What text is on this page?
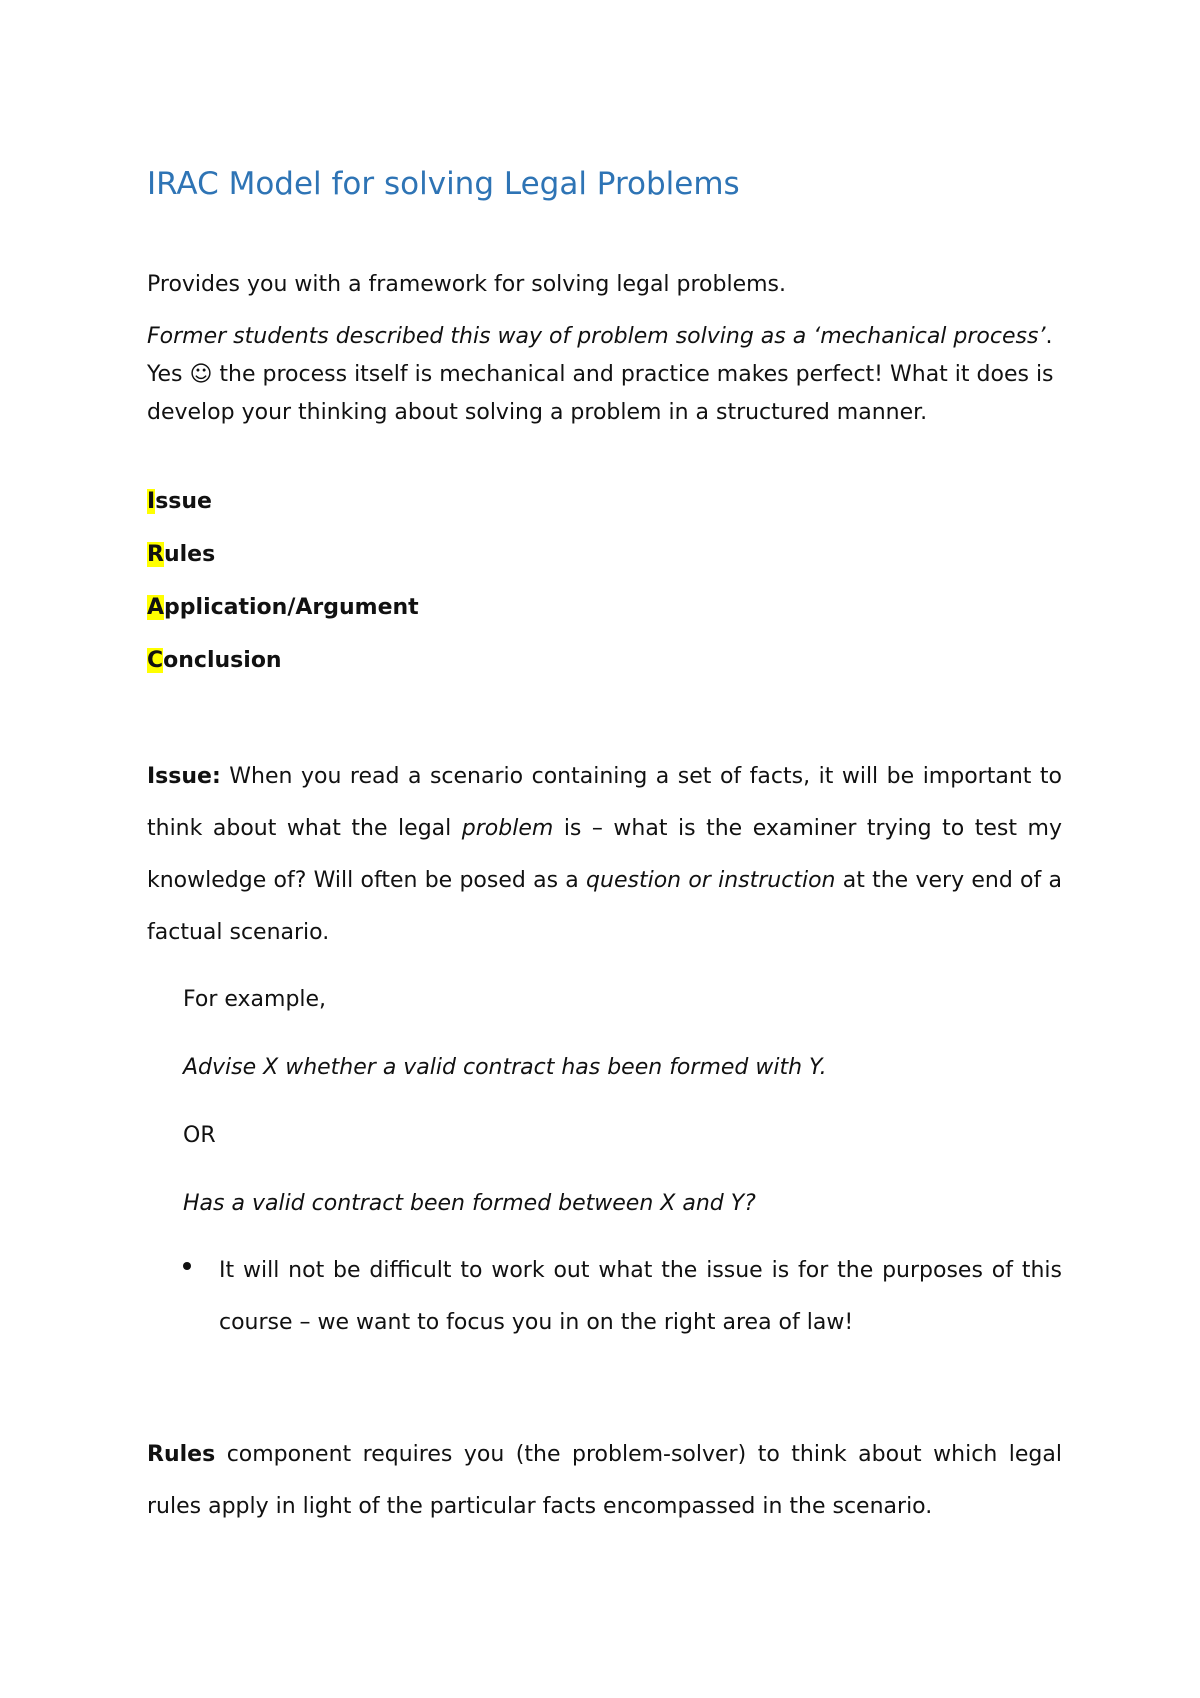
IRAC Model for solving Legal Problems

Provides you with a framework for solving legal problems.

Former students described this way of problem solving as a ‘mechanical process’. Yes ☺ the process itself is mechanical and practice makes perfect! What it does is develop your thinking about solving a problem in a structured manner.

Issue

Rules

Application/Argument

Conclusion

Issue: When you read a scenario containing a set of facts, it will be important to think about what the legal problem is – what is the examiner trying to test my knowledge of? Will often be posed as a question or instruction at the very end of a factual scenario.

For example,

Advise X whether a valid contract has been formed with Y.

OR

Has a valid contract been formed between X and Y?

It will not be difficult to work out what the issue is for the purposes of this course – we want to focus you in on the right area of law!

Rules component requires you (the problem-solver) to think about which legal rules apply in light of the particular facts encompassed in the scenario.
